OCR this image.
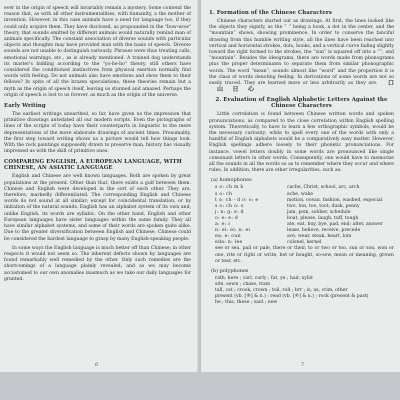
ever in the origin of speech will invariably remain a mystery. Some contend the reason that, as with all other instrumentalities, with humanity, a the mother of invention. However, in this case animals have a need for language too, if they could only acquire them. They have disclosed, as propounded in the "bow-wow" theory, that sounds emitted by different animals would naturally remind man of animals specifically. The constant association of diverse sounds with particular objects and thoughts may have provided man with the basis of speech. Diverse sounds are not unable to distinguish variously. Phrases were thus treating calls, emotional warnings, etc., as is already mentioned. A trained dog understands its master's bidding according to the "yo-he-ho" theory, still others have considered the conditioned instinctives from physical exertion normally find words with feeling. Do not animals also have emotions and show them to their fellows? In spite of all the brazen speculations, these theories remain but a myth as the origin of speech itself, leaving us stunned and amazed. Perhaps the origin of speech is lost to us forever, as much as the origin of the universe.

Early Writing

The earliest writings unearthed, so far, have given us the impression that primitive drawings antedated all our modern scripts. Even the pictographs of lines of the scripts of today have their counterparts in linguistic to the mere depresentations of the more elaborate drawings of ancient times. Presumably, the first step toward writing shows us a picture would tell how things look. With the rock paintings supposedly drawn to preserve man, history has visually impressed us with the skill of primitive ones.

COMPARING ENGLISH, A EUROPEAN LANGUAGE, WITH CHINESE, AN ASIATIC LANGUAGE

English and Chinese are well known languages. Both are spoken by great populations at the present. Other than that, there exists a gulf between them. Chinese and English were developed in the sort of each other. They are, therefore, markedly differentiated. The corresponding English and Chinese words do not sound at all similar; except for coincidental translation, or by imitation of the natural sounds. English has an alphabet system of its own and, unlike English, its words are syllabic. On the other hand, English and other European languages have sister languages within the same family. They all have similar alphabet systems, and some of their words are spoken quite alike. Due to the greater diversification between English and Chinese, Chinese could be considered the hardest language to grasp by many English-speaking people.

In some ways the English language is much better off than Chinese; in other respects it would not seem so. The inherent defects shown by languages are found remarkably well remedied by the other. Only such remedies are the shortcomings of a language plainly revealed; and as we may become accustomed to our own anomalies inasmuch as we take our daily languages for granted.

6
1. Formation of the Chinese Characters

Chinese characters started out as drawings. At first, the lines looked like the objects they signify, as the “ ” being a hook, a dot in the center, and the “mountain” shows, showing prominence. In order to conserve the fanciful drawing from this humble writing style, all the lines have been reached into vertical and horizontal strokes, dots, hooks, and a vertical curve fading slightly toward the right formed to the strokes, the “sun” is squared off into a “”, and “mountain”. Besides the ideograms, there are words made from phonograms plus the proper determinants to separate them from similar phonographic words. The word “mean”, sounds almost like “word” and the proportion it is the class of words denoting feeling. In derivations of some words are not so easily traced. They are learned more or less arbitrarily as they are. 口 山 日 心

2. Evaluation of English Alphabetic Letters Against the Chinese Characters

Little correlation is found between Chinese written words and spoken pronunciations, as compared to the close correlation within English spelling system. Theoretically, to have to learn a few orthographic symbols, would be the necessary curiosity; while to spell every one of the words with only a handful of English alphabets would be a comparatively easy matter. However, English spellings adhere loosely to their phonetic pronunciations. For instance, vowel letters doubly in some words are pronounced like single consonant letters in other words. Consequently, one would have to memorize all the sounds in all the words so as to remember where they occur and where rules. In addition, there are other irregularities, such as:

(a) homophones
s o: ch m b	cache, Christ, school, arc, arch
s o: ch	ache, wake
t o: ch - d o: o: e	motion, ocean, fashion, washed, especial
s o: ch o: o	two, ton, too, toot; dusk, penny
j: n: g: e: d	jam, pom, soldier, schedule
o: e: e: d	boat, please, laugh, tuff, tough
a: e: i	ate, eat, buy, bye, pad, end; alter, answer
n: ei: ei: n: ei	lease, believe, receive, precede
ea: e: oun	ace, wear, steak, heart, loin
eda: n: lee	colonel, kernel

see or sea, pail or pale, there or their, to or two or too, sun or son, won or one, rite or right or write, bet or bought, so-sow, mean or meaning, grown or tear, etc.

(b) polyphones
rath, here ; carl, curly ; fat, ye ; hair, xylid
site, sewn ; chase, tram
tall, cat ; crook, crown ; toil, roll ; brr ; is, us, crim, other
present (vb. [®] & n.) ; read (vb. [®] & n.) ; rock (present & past)
he ; this, these ; said ; new
7
